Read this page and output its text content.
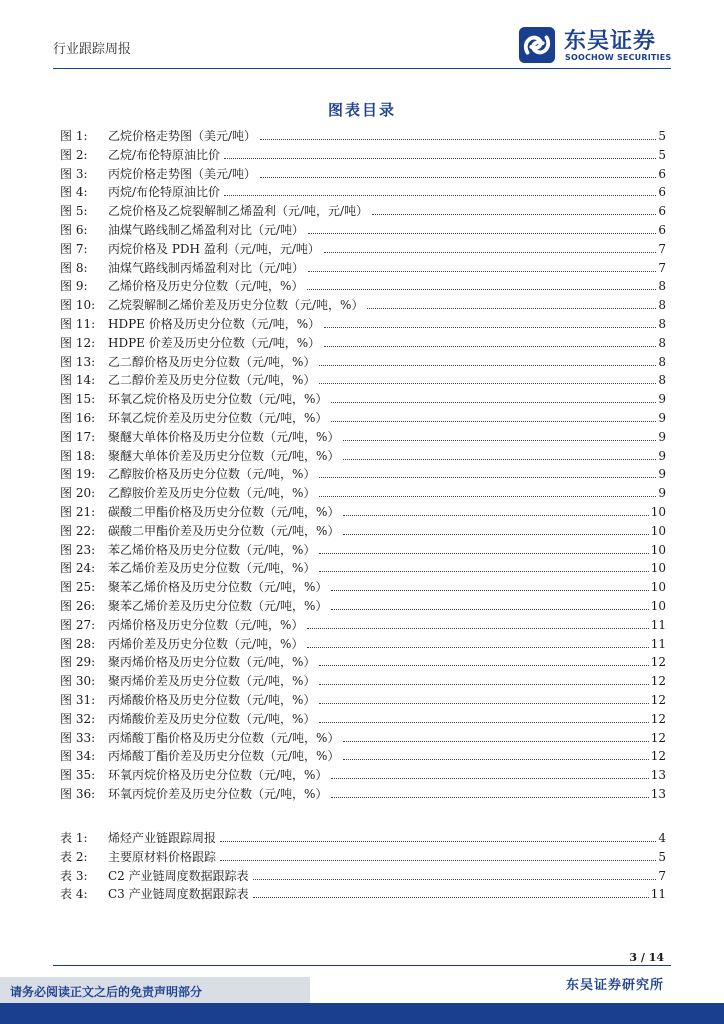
行业跟踪周报	东吴证券
SOOCHOW SECURITIES
图表目录
图 1:	乙烷价格走势图（美元/吨）	5
图 2:	乙烷/布伦特原油比价	5
图 3:	丙烷价格走势图（美元/吨）	6
图 4:	丙烷/布伦特原油比价	6
图 5:	乙烷价格及乙烷裂解制乙烯盈利（元/吨，元/吨）	6
图 6:	油煤气路线制乙烯盈利对比（元/吨）	6
图 7:	丙烷价格及 PDH 盈利（元/吨，元/吨）	7
图 8:	油煤气路线制丙烯盈利对比（元/吨）	7
图 9:	乙烯价格及历史分位数（元/吨，%）	8
图 10:	乙烷裂解制乙烯价差及历史分位数（元/吨，%）	8
图 11:	HDPE 价格及历史分位数（元/吨，%）	8
图 12:	HDPE 价差及历史分位数（元/吨，%）	8
图 13:	乙二醇价格及历史分位数（元/吨，%）	8
图 14:	乙二醇价差及历史分位数（元/吨，%）	8
图 15:	环氧乙烷价格及历史分位数（元/吨，%）	9
图 16:	环氧乙烷价差及历史分位数（元/吨，%）	9
图 17:	聚醚大单体价格及历史分位数（元/吨，%）	9
图 18:	聚醚大单体价差及历史分位数（元/吨，%）	9
图 19:	乙醇胺价格及历史分位数（元/吨，%）	9
图 20:	乙醇胺价差及历史分位数（元/吨，%）	9
图 21:	碳酸二甲酯价格及历史分位数（元/吨，%）	10
图 22:	碳酸二甲酯价差及历史分位数（元/吨，%）	10
图 23:	苯乙烯价格及历史分位数（元/吨，%）	10
图 24:	苯乙烯价差及历史分位数（元/吨，%）	10
图 25:	聚苯乙烯价格及历史分位数（元/吨，%）	10
图 26:	聚苯乙烯价差及历史分位数（元/吨，%）	10
图 27:	丙烯价格及历史分位数（元/吨，%）	11
图 28:	丙烯价差及历史分位数（元/吨，%）	11
图 29:	聚丙烯价格及历史分位数（元/吨，%）	12
图 30:	聚丙烯价差及历史分位数（元/吨，%）	12
图 31:	丙烯酸价格及历史分位数（元/吨，%）	12
图 32:	丙烯酸价差及历史分位数（元/吨，%）	12
图 33:	丙烯酸丁酯价格及历史分位数（元/吨，%）	12
图 34:	丙烯酸丁酯价差及历史分位数（元/吨，%）	12
图 35:	环氧丙烷价格及历史分位数（元/吨，%）	13
图 36:	环氧丙烷价差及历史分位数（元/吨，%）	13
表 1:	烯烃产业链跟踪周报	4
表 2:	主要原材料价格跟踪	5
表 3:	C2 产业链周度数据跟踪表	7
表 4:	C3 产业链周度数据跟踪表	11
3 / 14
东吴证券研究所
请务必阅读正文之后的免责声明部分
